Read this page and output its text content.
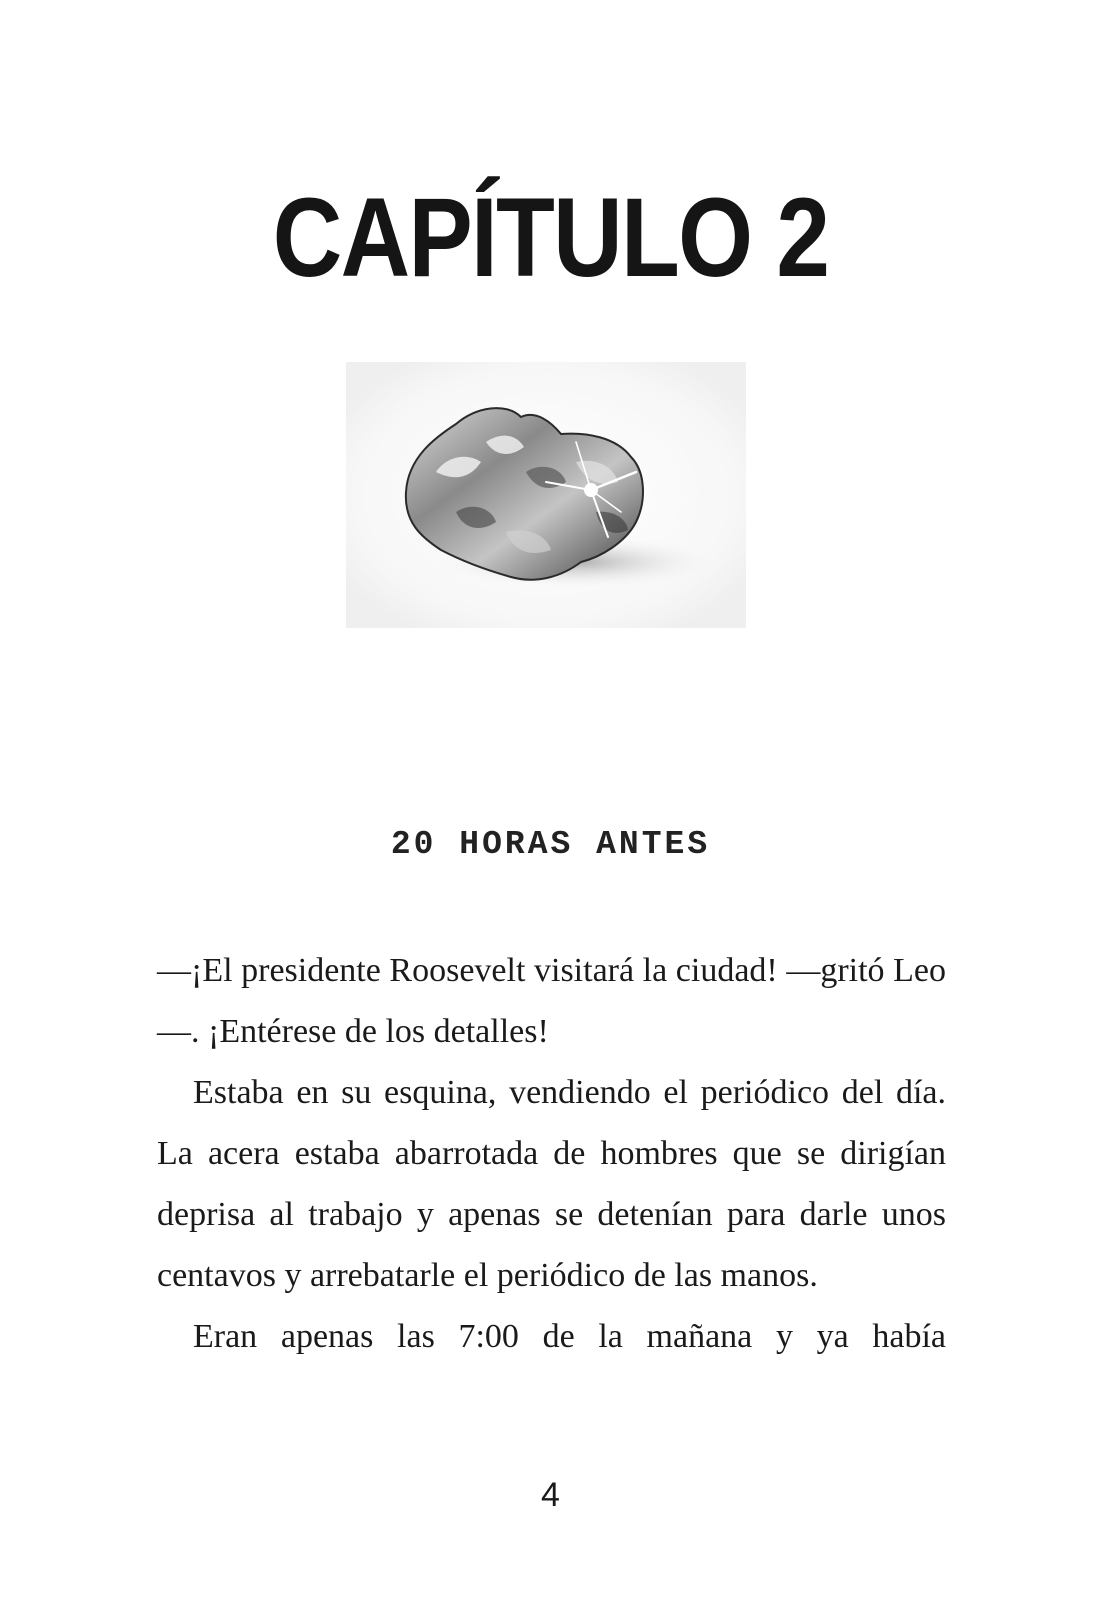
CAPÍTULO 2
20 HORAS ANTES

—¡El presidente Roosevelt visitará la ciudad! —gritó Leo—. ¡Entérese de los detalles!

Estaba en su esquina, vendiendo el periódico del día. La acera estaba abarrotada de hombres que se dirigían deprisa al trabajo y apenas se detenían para darle unos centavos y arrebatarle el periódico de las manos.

Eran apenas las 7:00 de la mañana y ya había

4
